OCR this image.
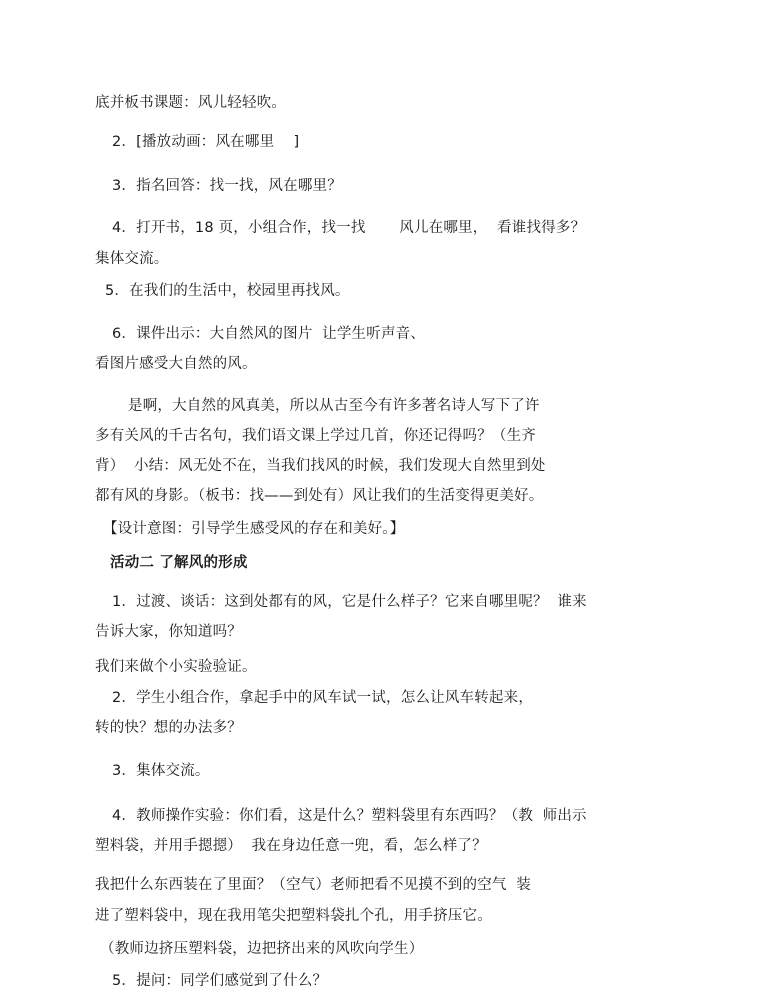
底并板书课题：风儿轻轻吹。
2．[播放动画：风在哪里    ]
3．指名回答：找一找，风在哪里？
4．打开书，18 页，小组合作，找一找       风儿在哪里，  看谁找得多？
集体交流。
5．在我们的生活中，校园里再找风。
6．课件出示：大自然风的图片  让学生听声音、
看图片感受大自然的风。
是啊，大自然的风真美，所以从古至今有许多著名诗人写下了许
多有关风的千古名句，我们语文课上学过几首，你还记得吗？（生齐
背）  小结：风无处不在，当我们找风的时候，我们发现大自然里到处
都有风的身影。（板书：找——到处有）风让我们的生活变得更美好。
【设计意图：引导学生感受风的存在和美好。】
活动二 了解风的形成
1．过渡、谈话：这到处都有的风，它是什么样子？它来自哪里呢？  谁来
告诉大家，你知道吗？
我们来做个小实验验证。
2．学生小组合作，拿起手中的风车试一试，怎么让风车转起来，
转的快？想的办法多？
3．集体交流。
4．教师操作实验：你们看，这是什么？塑料袋里有东西吗？（教  师出示
塑料袋，并用手摁摁）  我在身边任意一兜，看，怎么样了？
我把什么东西装在了里面？（空气）老师把看不见摸不到的空气  装
进了塑料袋中，现在我用笔尖把塑料袋扎个孔，用手挤压它。
（教师边挤压塑料袋，边把挤出来的风吹向学生）
5．提问：同学们感觉到了什么？
